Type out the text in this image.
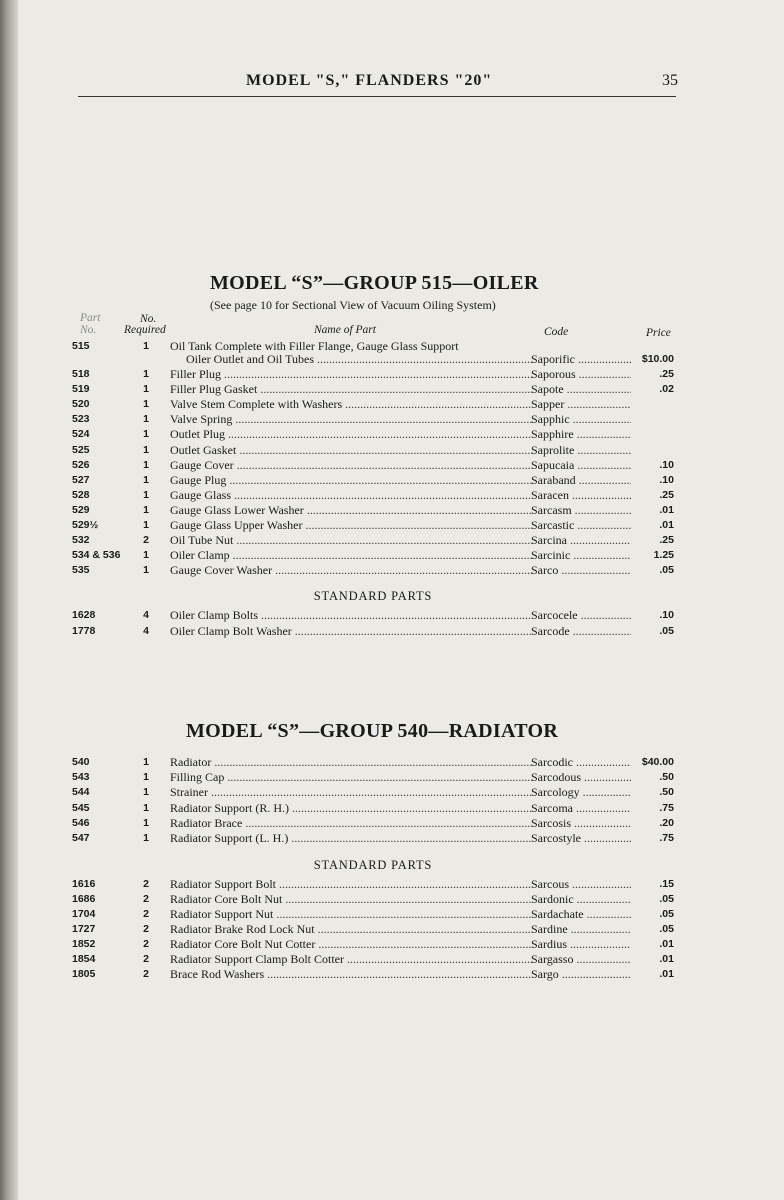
MODEL "S," FLANDERS "20"	35
MODEL “S”—GROUP 515—OILER
(See page 10 for Sectional View of Vacuum Oiling System)
Part
No.
No.
Required	Name of Part	Code	Price
515	1	Oil Tank Complete with Filler Flange, Gauge Glass Support
Oiler Outlet and Oil Tubes .....	Saporific .....	$10.00
518	1	Filler Plug .....	Saporous .....	.25
519	1	Filler Plug Gasket .....	Sapote .....	.02
520	1	Valve Stem Complete with Washers .....	Sapper .....
523	1	Valve Spring .....	Sapphic .....
524	1	Outlet Plug .....	Sapphire .....
525	1	Outlet Gasket .....	Saprolite .....
526	1	Gauge Cover .....	Sapucaia .....	.10
527	1	Gauge Plug .....	Saraband .....	.10
528	1	Gauge Glass .....	Saracen .....	.25
529	1	Gauge Glass Lower Washer .....	Sarcasm .....	.01
529½	1	Gauge Glass Upper Washer .....	Sarcastic .....	.01
532	2	Oil Tube Nut .....	Sarcina .....	.25
534 & 536	1	Oiler Clamp .....	Sarcinic .....	1.25
535	1	Gauge Cover Washer .....	Sarco .....	.05
STANDARD PARTS
1628	4	Oiler Clamp Bolts .....	Sarcocele .....	.10
1778	4	Oiler Clamp Bolt Washer .....	Sarcode .....	.05
MODEL “S”—GROUP 540—RADIATOR
540	1	Radiator .....	Sarcodic .....	$40.00
543	1	Filling Cap .....	Sarcodous .....	.50
544	1	Strainer .....	Sarcology .....	.50
545	1	Radiator Support (R. H.) .....	Sarcoma .....	.75
546	1	Radiator Brace .....	Sarcosis .....	.20
547	1	Radiator Support (L. H.) .....	Sarcostyle .....	.75
STANDARD PARTS
1616	2	Radiator Support Bolt .....	Sarcous .....	.15
1686	2	Radiator Core Bolt Nut .....	Sardonic .....	.05
1704	2	Radiator Support Nut .....	Sardachate .....	.05
1727	2	Radiator Brake Rod Lock Nut .....	Sardine .....	.05
1852	2	Radiator Core Bolt Nut Cotter .....	Sardius .....	.01
1854	2	Radiator Support Clamp Bolt Cotter .....	Sargasso .....	.01
1805	2	Brace Rod Washers .....	Sargo .....	.01
